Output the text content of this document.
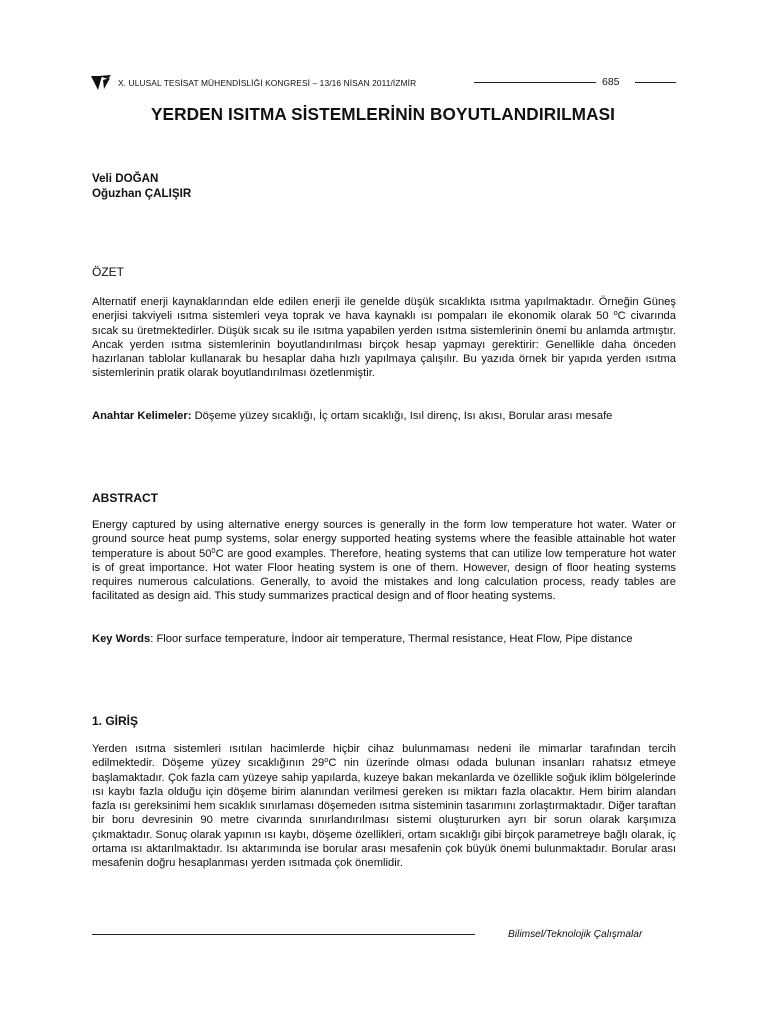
X. ULUSAL TESİSAT MÜHENDİSLİĞİ KONGRESİ – 13/16 NİSAN 2011/İZMİR	685
YERDEN ISITMA SİSTEMLERİNİN BOYUTLANDIRILMASI
Veli DOĞAN
Oğuzhan ÇALIŞIR
ÖZET

Alternatif enerji kaynaklarından elde edilen enerji ile genelde düşük sıcaklıkta ısıtma yapılmaktadır. Örneğin Güneş enerjisi takviyeli ısıtma sistemleri veya toprak ve hava kaynaklı ısı pompaları ile ekonomik olarak 50 $^o$C civarında sıcak su üretmektedirler. Düşük sıcak su ile ısıtma yapabilen yerden ısıtma sistemlerinin önemi bu anlamda artmıştır. Ancak yerden ısıtma sistemlerinin boyutlandırılması birçok hesap yapmayı gerektirir: Genellikle daha önceden hazırlanan tablolar kullanarak bu hesaplar daha hızlı yapılmaya çalışılır. Bu yazıda örnek bir yapıda yerden ısıtma sistemlerinin pratik olarak boyutlandırılması özetlenmiştir.

Anahtar Kelimeler: Döşeme yüzey sıcaklığı, İç ortam sıcaklığı, Isıl direnç, Isı akısı, Borular arası mesafe

ABSTRACT

Energy captured by using alternative energy sources is generally in the form low temperature hot water. Water or ground source heat pump systems, solar energy supported heating systems where the feasible attainable hot water temperature is about $50^0C$ are good examples. Therefore, heating systems that can utilize low temperature hot water is of great importance. Hot water Floor heating system is one of them. However, design of floor heating systems requires numerous calculations. Generally, to avoid the mistakes and long calculation process, ready tables are facilitated as design aid. This study summarizes practical design and of floor heating systems.

Key Words: Floor surface temperature, İndoor air temperature, Thermal resistance, Heat Flow, Pipe distance

1. GİRİŞ

Yerden ısıtma sistemleri ısıtılan hacimlerde hiçbir cihaz bulunmaması nedeni ile mimarlar tarafından tercih edilmektedir. Döşeme yüzey sıcaklığının 29$^o$C nin üzerinde olması odada bulunan insanları rahatsız etmeye başlamaktadır. Çok fazla cam yüzeye sahip yapılarda, kuzeye bakan mekanlarda ve özellikle soğuk iklim bölgelerinde ısı kaybı fazla olduğu için döşeme birim alanından verilmesi gereken ısı miktarı fazla olacaktır. Hem birim alandan fazla ısı gereksinimi hem sıcaklık sınırlaması döşemeden ısıtma sisteminin tasarımını zorlaştırmaktadır. Diğer taraftan bir boru devresinin 90 metre civarında sınırlandırılması sistemi oluştururken ayrı bir sorun olarak karşımıza çıkmaktadır. Sonuç olarak yapının ısı kaybı, döşeme özellikleri, ortam sıcaklığı gibi birçok parametreye bağlı olarak, iç ortama ısı aktarılmaktadır. Isı aktarımında ise borular arası mesafenin çok büyük önemi bulunmaktadır. Borular arası mesafenin doğru hesaplanması yerden ısıtmada çok önemlidir.

Bilimsel/Teknolojik Çalışmalar
